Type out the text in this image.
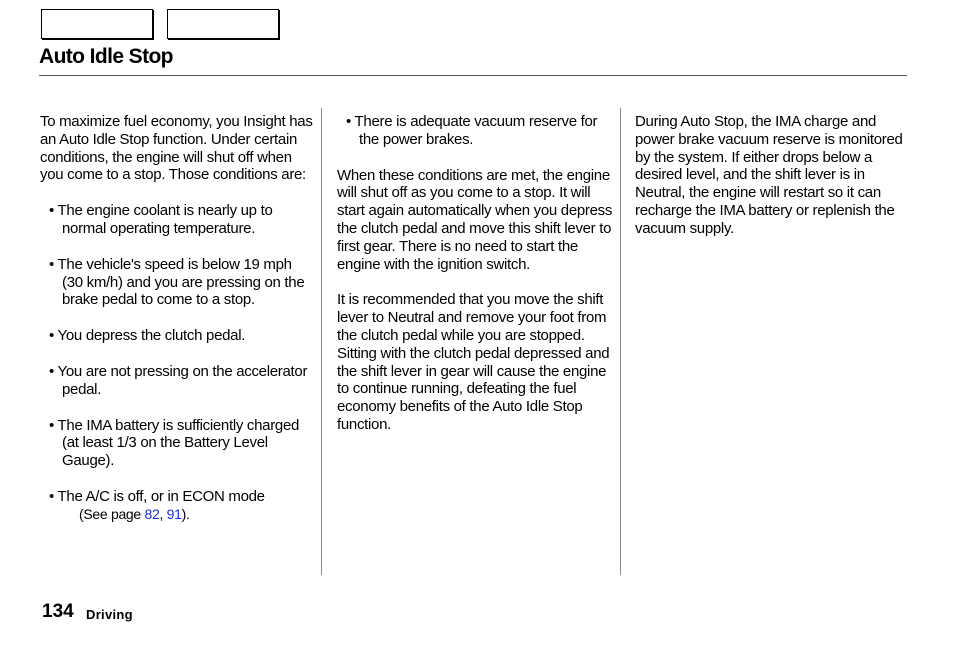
Auto Idle Stop

To maximize fuel economy, you Insight has an Auto Idle Stop function. Under certain conditions, the engine will shut off when you come to a stop. Those conditions are:

• The engine coolant is nearly up to normal operating temperature.

• The vehicle's speed is below 19 mph (30 km/h) and you are pressing on the brake pedal to come to a stop.

• You depress the clutch pedal.

• You are not pressing on the accelerator pedal.

• The IMA battery is sufficiently charged (at least 1/3 on the Battery Level Gauge).

• The A/C is off, or in ECON mode
(See page 82, 91).

• There is adequate vacuum reserve for the power brakes.

When these conditions are met, the engine will shut off as you come to a stop. It will start again automatically when you depress the clutch pedal and move this shift lever to first gear. There is no need to start the engine with the ignition switch.

It is recommended that you move the shift lever to Neutral and remove your foot from the clutch pedal while you are stopped. Sitting with the clutch pedal depressed and the shift lever in gear will cause the engine to continue running, defeating the fuel economy benefits of the Auto Idle Stop function.

During Auto Stop, the IMA charge and power brake vacuum reserve is monitored by the system. If either drops below a desired level, and the shift lever is in Neutral, the engine will restart so it can recharge the IMA battery or replenish the vacuum supply.

134 Driving
